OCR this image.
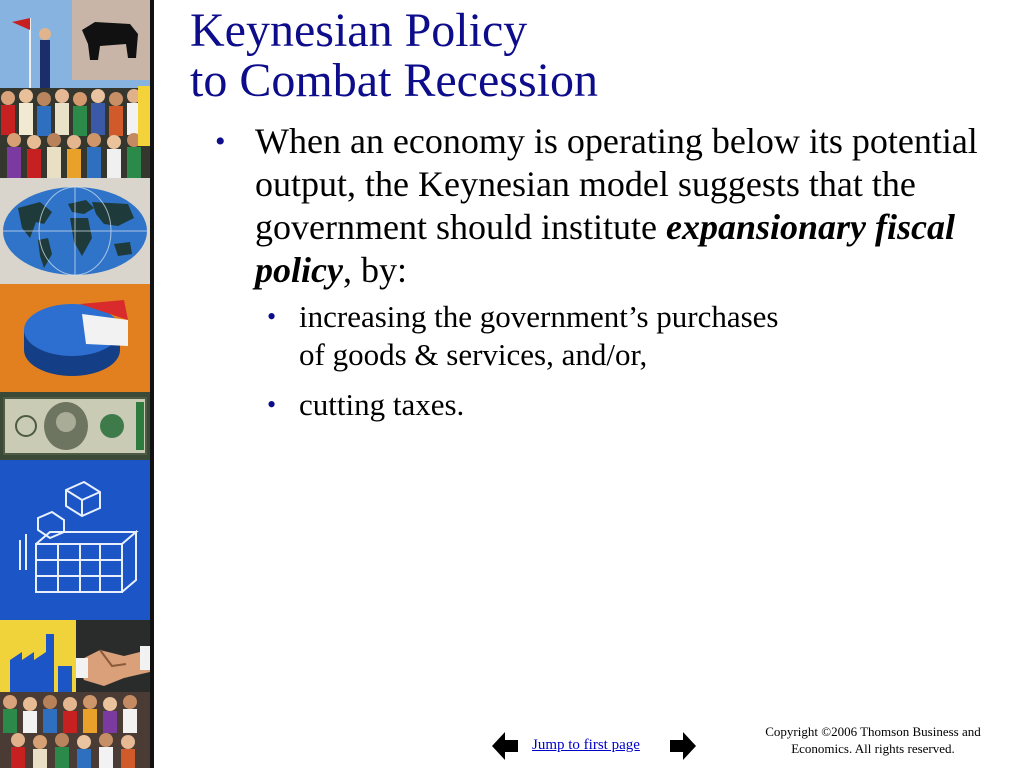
Keynesian Policy
to Combat Recession
• When an economy is operating below its potential output, the Keynesian model suggests that the government should institute expansionary fiscal policy, by:
• increasing the government’s purchases
of goods & services, and/or,
• cutting taxes.
Jump to first page
Copyright ©2006 Thomson Business and
Economics. All rights reserved.
